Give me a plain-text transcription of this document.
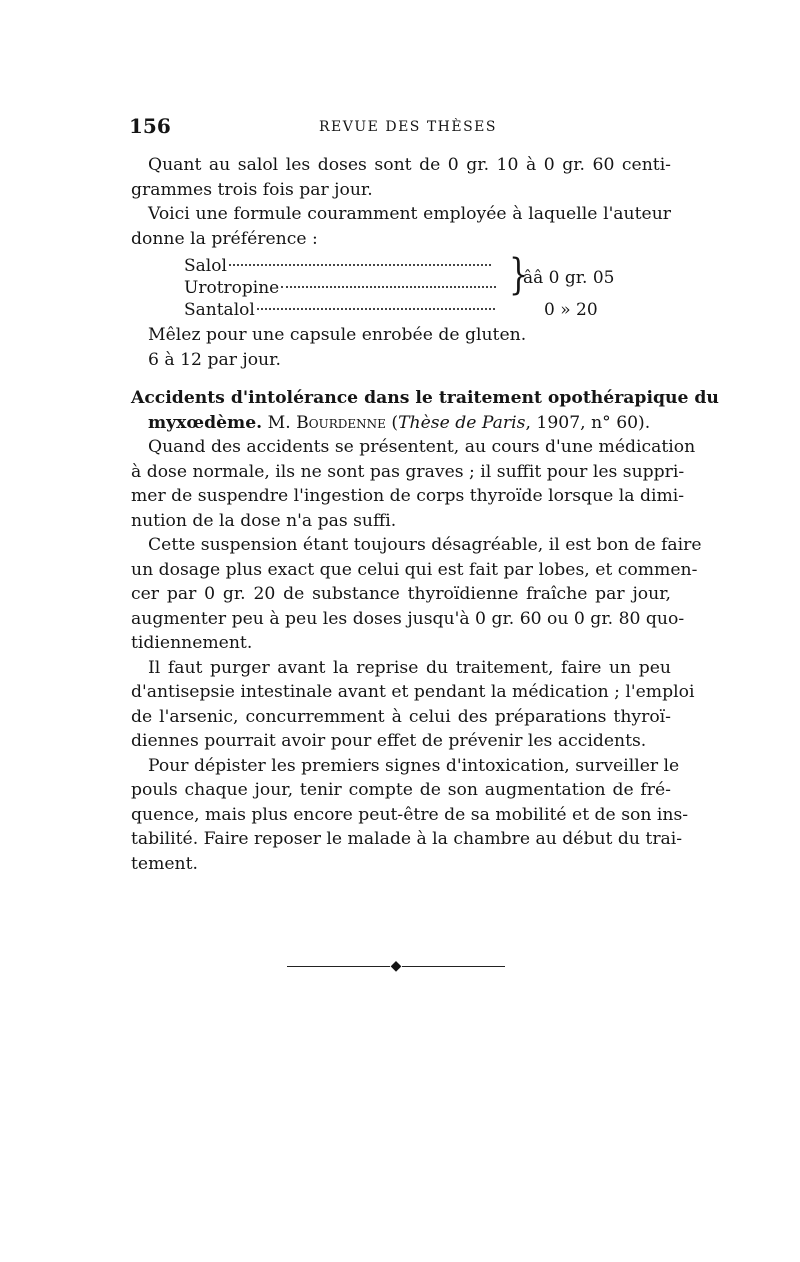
156	REVUE DES THÈSES
Quant au salol les doses sont de 0 gr. 10 à 0 gr. 60 centi-
grammes trois fois par jour.
Voici une formule couramment employée à laquelle l'auteur
donne la préférence :
Salol
Urotropine
Santalol
}
ââ 0 gr. 05
0 » 20
Mêlez pour une capsule enrobée de gluten.
6 à 12 par jour.
Accidents d'intolérance dans le traitement opothérapique du
myxœdème. M. Bourdenne (Thèse de Paris, 1907, n° 60).
Quand des accidents se présentent, au cours d'une médication
à dose normale, ils ne sont pas graves ; il suffit pour les suppri-
mer de suspendre l'ingestion de corps thyroïde lorsque la dimi-
nution de la dose n'a pas suffi.
Cette suspension étant toujours désagréable, il est bon de faire
un dosage plus exact que celui qui est fait par lobes, et commen-
cer par 0 gr. 20 de substance thyroïdienne fraîche par jour,
augmenter peu à peu les doses jusqu'à 0 gr. 60 ou 0 gr. 80 quo-
tidiennement.
Il faut purger avant la reprise du traitement, faire un peu
d'antisepsie intestinale avant et pendant la médication ; l'emploi
de l'arsenic, concurremment à celui des préparations thyroï-
diennes pourrait avoir pour effet de prévenir les accidents.
Pour dépister les premiers signes d'intoxication, surveiller le
pouls chaque jour, tenir compte de son augmentation de fré-
quence, mais plus encore peut-être de sa mobilité et de son ins-
tabilité. Faire reposer le malade à la chambre au début du trai-
tement.
◆
